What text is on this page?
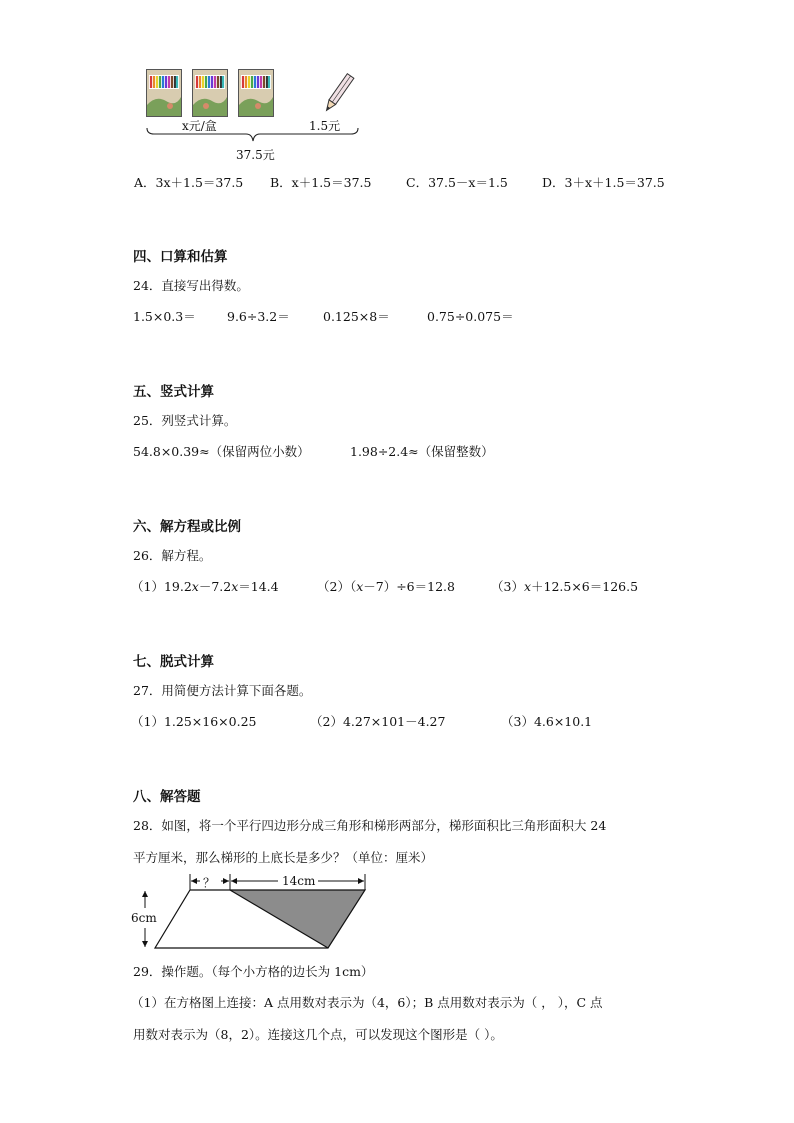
x元/盒	1.5元
37.5元
A．3x＋1.5＝37.5 B．x＋1.5＝37.5	C．37.5－x＝1.5	D．3＋x＋1.5＝37.5
四、口算和估算
24．直接写出得数。
1.5×0.3＝	9.6÷3.2＝	0.125×8＝	0.75÷0.075＝
五、竖式计算
25．列竖式计算。
54.8×0.39≈（保留两位小数）	1.98÷2.4≈（保留整数）
六、解方程或比例
26．解方程。
（1）19.2𝑥－7.2𝑥＝14.4	（2）（𝑥－7）÷6＝12.8	（3）𝑥＋12.5×6＝126.5
七、脱式计算
27．用简便方法计算下面各题。
（1）1.25×16×0.25	（2）4.27×101－4.27	（3）4.6×10.1
八、解答题
28．如图，将一个平行四边形分成三角形和梯形两部分，梯形面积比三角形面积大 24
平方厘米，那么梯形的上底长是多少？（单位：厘米）
？	14cm
6cm
29．操作题。（每个小方格的边长为 1cm）
（1）在方格图上连接：A 点用数对表示为（4，6）；B 点用数对表示为（ ， ），C 点
用数对表示为（8，2）。连接这几个点，可以发现这个图形是（ ）。
